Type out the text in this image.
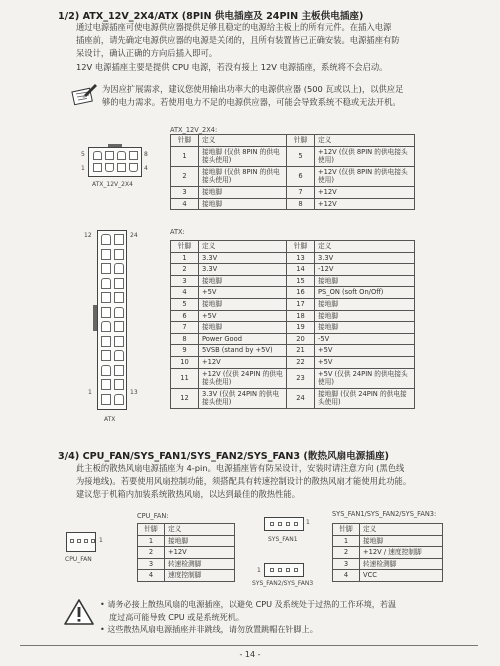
1/2) ATX_12V_2X4/ATX (8PIN 供电插座及 24PIN 主板供电插座)
通过电源插座可使电源供应器提供足够且稳定的电源给主板上的所有元件。在插入电源
插座前，请先确定电源供应器的电源是关闭的，且所有装置皆已正确安装。电源插座有防
呆设计，确认正确的方向后插入即可。
12V 电源插座主要是提供 CPU 电源，若没有接上 12V 电源插座，系统将不会启动。
为因应扩展需求，建议您使用输出功率大的电源供应器 (500 瓦或以上)，以供应足
够的电力需求。若使用电力不足的电源供应器，可能会导致系统不稳或无法开机。
ATX_12V_2X4:
5	8
1	4
ATX_12V_2X4
针脚	定义	针脚	定义
1	接地脚 (仅供 8PIN 的供电接头使用)	5	+12V (仅供 8PIN 的供电接头使用)
2	接地脚 (仅供 8PIN 的供电接头使用)	6	+12V (仅供 8PIN 的供电接头使用)
3	接地脚	7	+12V
4	接地脚	8	+12V
12	24
1	13
ATX
ATX:
针脚	定义	针脚	定义
1	3.3V	13	3.3V
2	3.3V	14	-12V
3	接地脚	15	接地脚
4	+5V	16	PS_ON (soft On/Off)
5	接地脚	17	接地脚
6	+5V	18	接地脚
7	接地脚	19	接地脚
8	Power Good	20	-5V
9	5VSB (stand by +5V)	21	+5V
10	+12V	22	+5V
11	+12V (仅供 24PIN 的供电接头使用)	23	+5V (仅供 24PIN 的供电接头使用)
12	3.3V (仅供 24PIN 的供电接头使用)	24	接地脚 (仅供 24PIN 的供电接头使用)
3/4) CPU_FAN/SYS_FAN1/SYS_FAN2/SYS_FAN3 (散热风扇电源插座)
此主板的散热风扇电源插座为 4-pin。电源插座皆有防呆设计，安装时请注意方向 (黑色线
为接地线)。若要使用风扇控制功能，须搭配具有转速控制设计的散热风扇才能使用此功能。
建议您于机箱内加装系统散热风扇，以达到最佳的散热性能。
1
CPU_FAN
CPU_FAN:
针脚	定义
1	接地脚
2	+12V
3	转速检测脚
4	速度控制脚
1
SYS_FAN1
1
SYS_FAN2/SYS_FAN3
SYS_FAN1/SYS_FAN2/SYS_FAN3:
针脚	定义
1	接地脚
2	+12V / 速度控制脚
3	转速检测脚
4	VCC
• 请务必接上散热风扇的电源插座，以避免 CPU 及系统处于过热的工作环境，若温
度过高可能导致 CPU 或是系统死机。
• 这些散热风扇电源插座并非跳线，请勿放置跳帽在针脚上。
- 14 -
